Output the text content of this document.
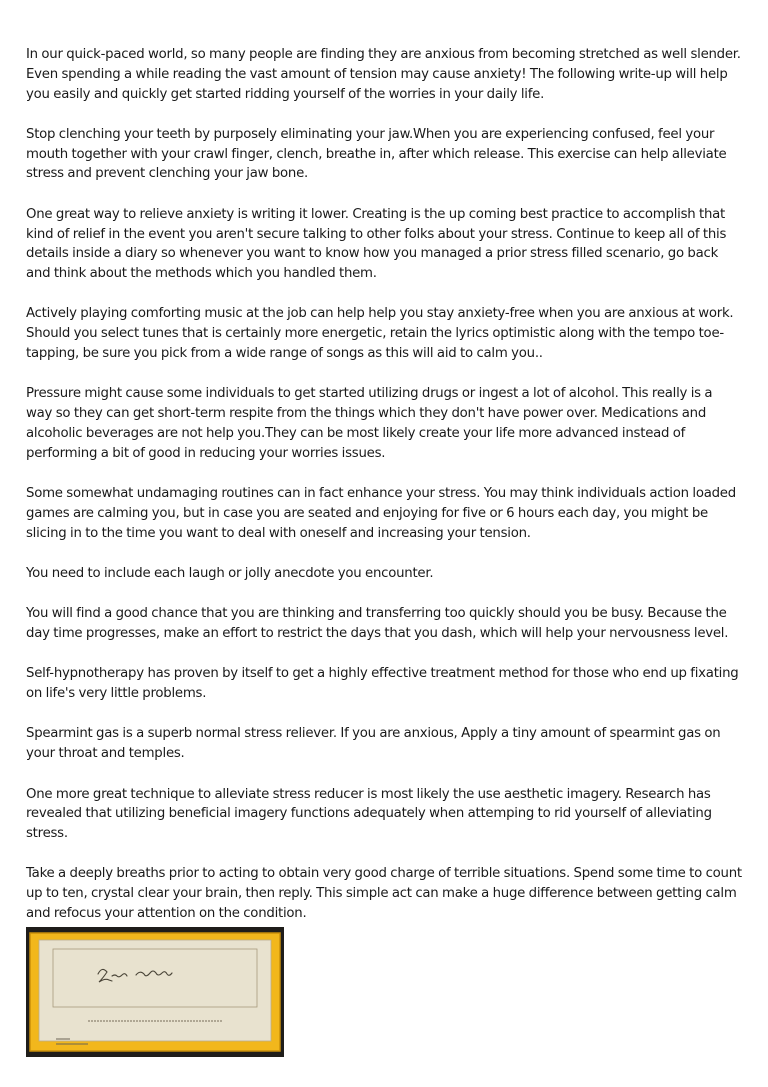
In our quick-paced world, so many people are finding they are anxious from becoming stretched as well slender. Even spending a while reading the vast amount of tension may cause anxiety! The following write-up will help you easily and quickly get started ridding yourself of the worries in your daily life.

Stop clenching your teeth by purposely eliminating your jaw.When you are experiencing confused, feel your mouth together with your crawl finger, clench, breathe in, after which release. This exercise can help alleviate stress and prevent clenching your jaw bone.

One great way to relieve anxiety is writing it lower. Creating is the up coming best practice to accomplish that kind of relief in the event you aren't secure talking to other folks about your stress. Continue to keep all of this details inside a diary so whenever you want to know how you managed a prior stress filled scenario, go back and think about the methods which you handled them.

Actively playing comforting music at the job can help help you stay anxiety-free when you are anxious at work. Should you select tunes that is certainly more energetic, retain the lyrics optimistic along with the tempo toe-tapping, be sure you pick from a wide range of songs as this will aid to calm you..

Pressure might cause some individuals to get started utilizing drugs or ingest a lot of alcohol. This really is a way so they can get short-term respite from the things which they don't have power over. Medications and alcoholic beverages are not help you.They can be most likely create your life more advanced instead of performing a bit of good in reducing your worries issues.

Some somewhat undamaging routines can in fact enhance your stress. You may think individuals action loaded games are calming you, but in case you are seated and enjoying for five or 6 hours each day, you might be slicing in to the time you want to deal with oneself and increasing your tension.

You need to include each laugh or jolly anecdote you encounter.

You will find a good chance that you are thinking and transferring too quickly should you be busy. Because the day time progresses, make an effort to restrict the days that you dash, which will help your nervousness level.

Self-hypnotherapy has proven by itself to get a highly effective treatment method for those who end up fixating on life's very little problems.

Spearmint gas is a superb normal stress reliever. If you are anxious, Apply a tiny amount of spearmint gas on your throat and temples.

One more great technique to alleviate stress reducer is most likely the use aesthetic imagery. Research has revealed that utilizing beneficial imagery functions adequately when attemping to rid yourself of alleviating stress.

Take a deeply breaths prior to acting to obtain very good charge of terrible situations. Spend some time to count up to ten, crystal clear your brain, then reply. This simple act can make a huge difference between getting calm and refocus your attention on the condition.
